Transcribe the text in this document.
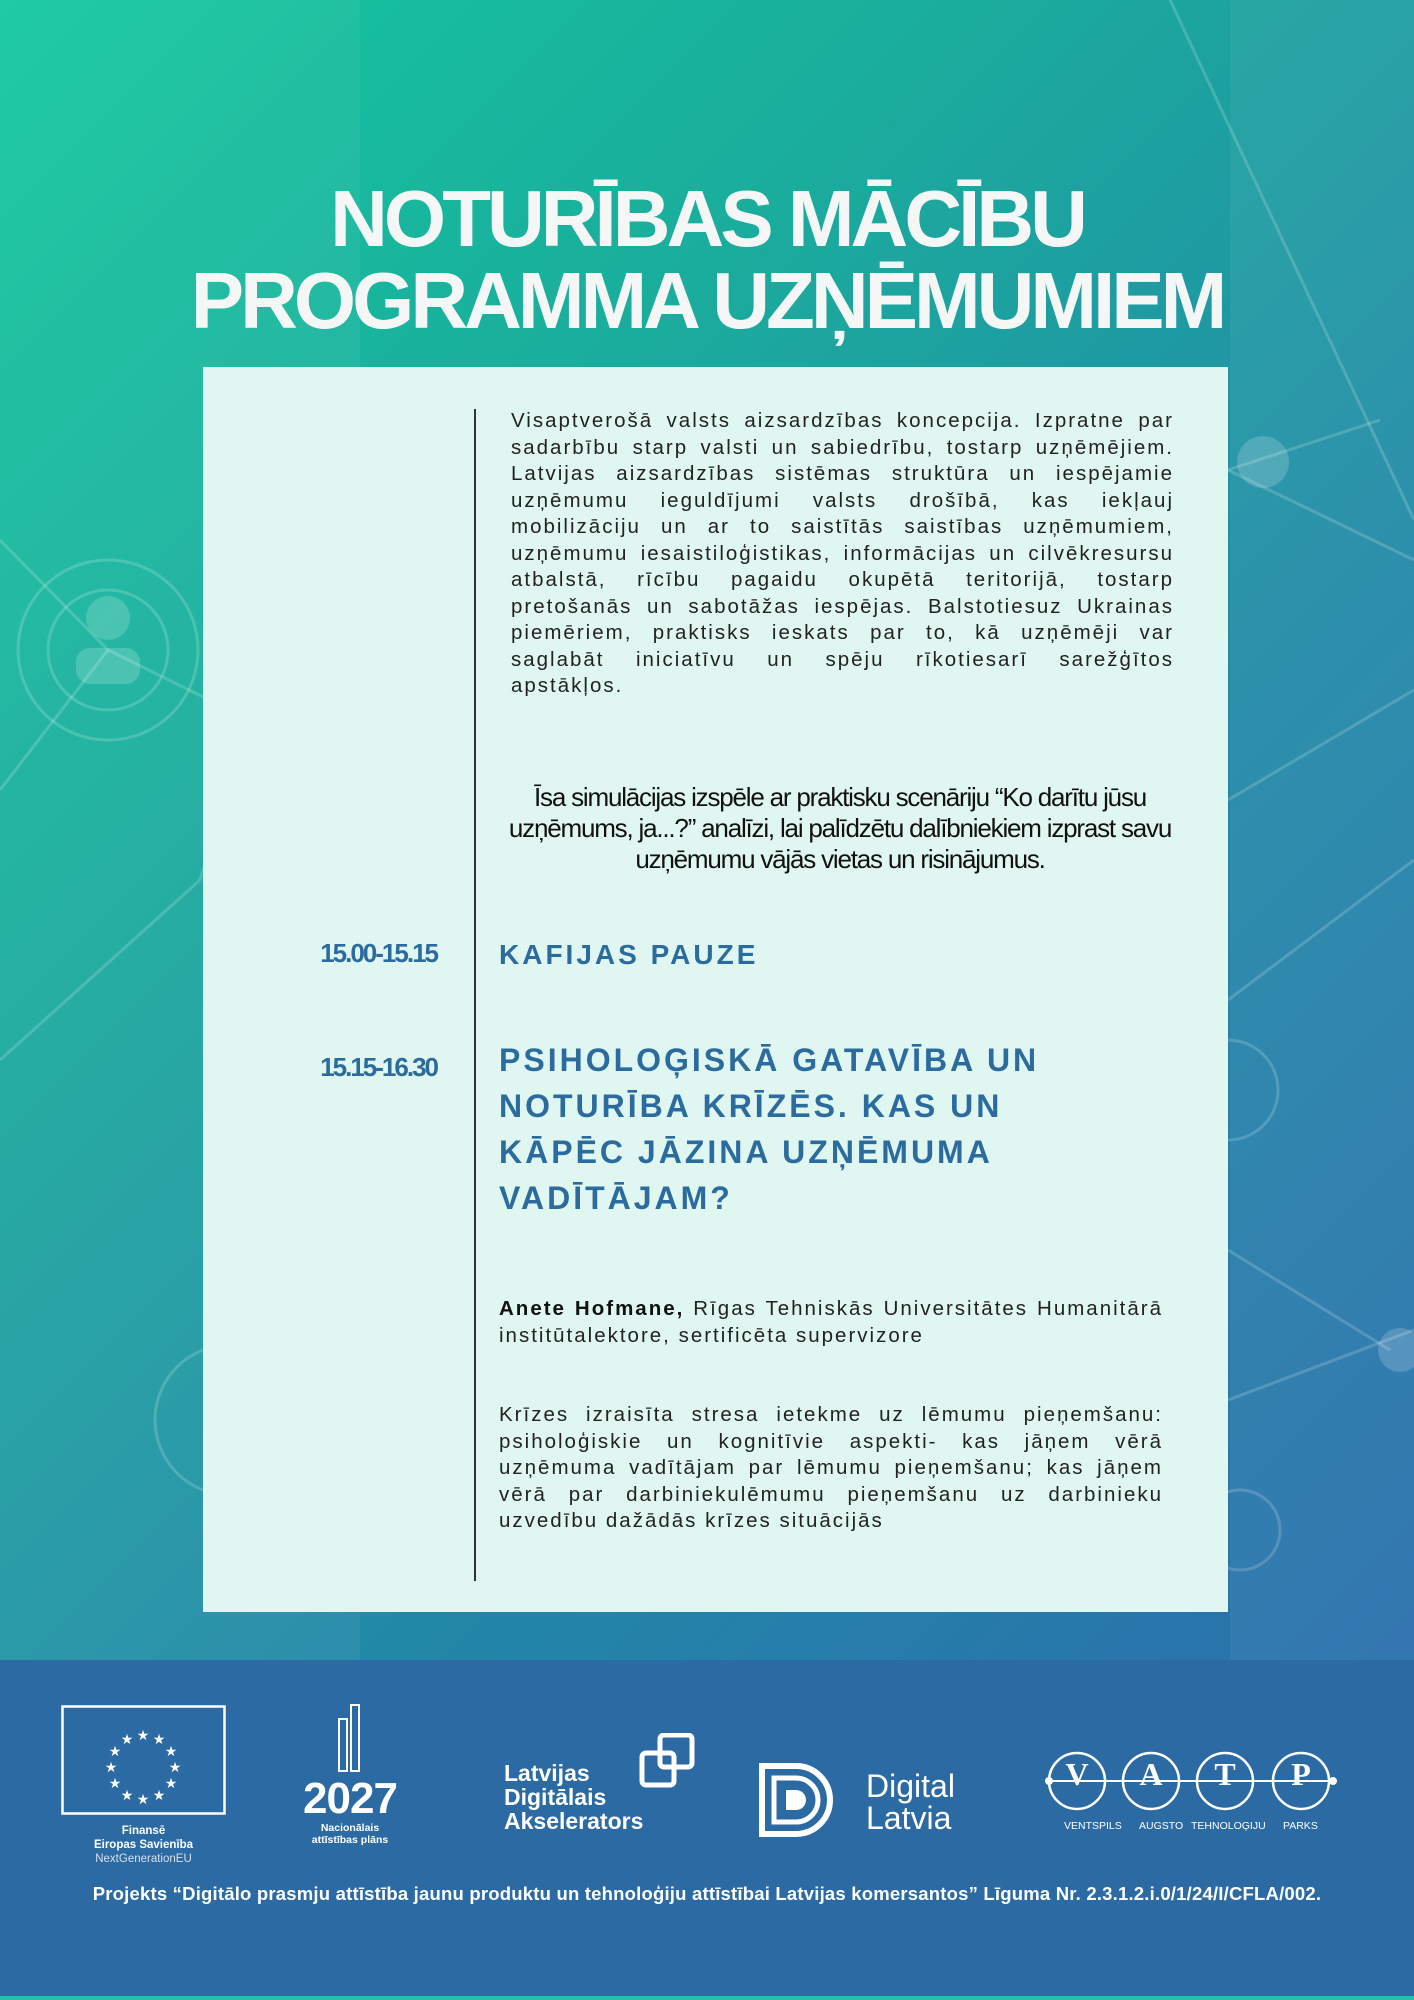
NOTURĪBAS MĀCĪBU
PROGRAMMA UZŅĒMUMIEM
Visaptverošā valsts aizsardzības koncepcija. Izpratne par sadarbību starp valsti un sabiedrību, tostarp uzņēmējiem. Latvijas aizsardzības sistēmas struktūra un iespējamie uzņēmumu ieguldījumi valsts drošībā, kas iekļauj mobilizāciju un ar to saistītās saistības uzņēmumiem, uzņēmumu iesaistiloģistikas, informācijas un cilvēkresursu atbalstā, rīcību pagaidu okupētā teritorijā, tostarp pretošanās un sabotāžas iespējas. Balstotiesuz Ukrainas piemēriem, praktisks ieskats par to, kā uzņēmēji var saglabāt iniciatīvu un spēju rīkotiesarī sarežģītos apstākļos.
Īsa simulācijas izspēle ar praktisku scenāriju “Ko darītu jūsu uzņēmums, ja...?” analīzi, lai palīdzētu dalībniekiem izprast savu uzņēmumu vājās vietas un risinājumus.
15.00-15.15 KAFIJAS PAUZE
15.15-16.30 PSIHOLOĢISKĀ GATAVĪBA UN NOTURĪBA KRĪZĒS. KAS UN KĀPĒC JĀZINA UZŅĒMUMA VADĪTĀJAM?
Anete Hofmane, Rīgas Tehniskās Universitātes Humanitārā institūtalektore, sertificēta supervizore
Krīzes izraisīta stresa ietekme uz lēmumu pieņemšanu: psiholoģiskie un kognitīvie aspekti- kas jāņem vērā uzņēmuma vadītājam par lēmumu pieņemšanu; kas jāņem vērā par darbiniekulēmumu pieņemšanu uz darbinieku uzvedību dažādās krīzes situācijās
★ ★
★
★
★
★
★
★
★
★
★
★
Finansē
Eiropas Savienība
NextGenerationEU
2027
Nacionālais
attīstības plāns
Latvijas
Digitālais
Akselerators
Digital
Latvia
V A T P
VENTSPILS AUGSTO TEHNOLOĢIJU PARKS
Projekts “Digitālo prasmju attīstība jaunu produktu un tehnoloģiju attīstībai Latvijas komersantos” Līguma Nr. 2.3.1.2.i.0/1/24/I/CFLA/002.
